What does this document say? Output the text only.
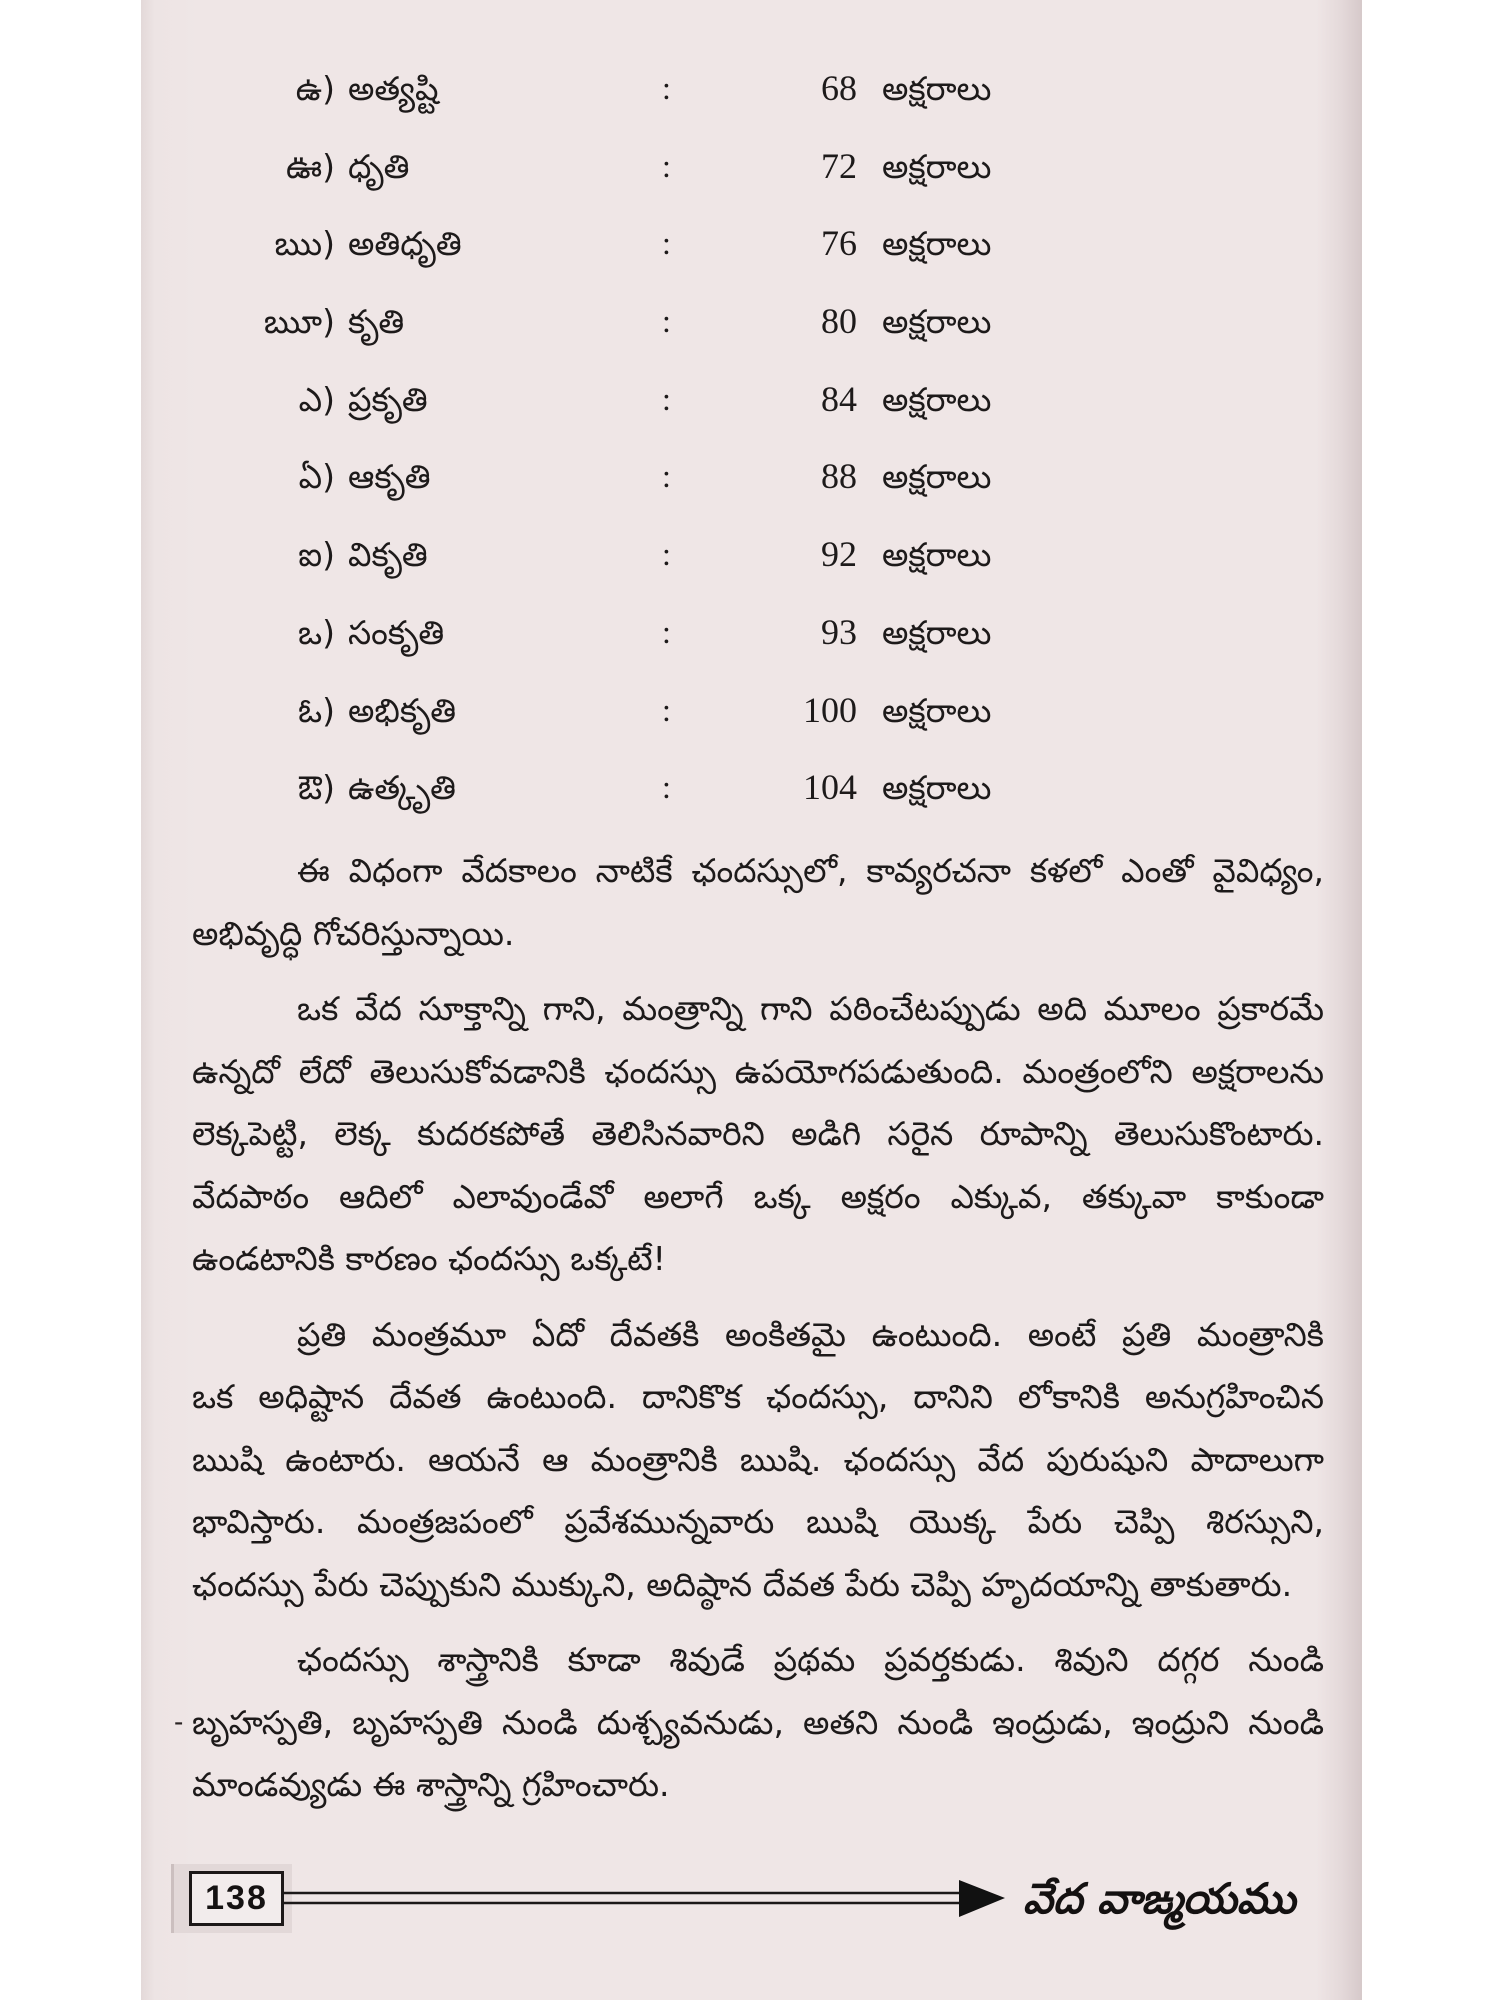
ఉ) అత్యష్టి	:	68 అక్షరాలు
ఊ) ధృతి	:	72 అక్షరాలు
ఋ) అతిధృతి	:	76 అక్షరాలు
ౠ) కృతి	:	80 అక్షరాలు
ఎ) ప్రకృతి	:	84 అక్షరాలు
ఏ) ఆకృతి	:	88 అక్షరాలు
ఐ) వికృతి	:	92 అక్షరాలు
ఒ) సంకృతి	:	93 అక్షరాలు
ఓ) అభికృతి	:	100 అక్షరాలు
ఔ) ఉత్కృతి	:	104 అక్షరాలు
ఈ విధంగా వేదకాలం నాటికే ఛందస్సులో, కావ్యరచనా కళలో ఎంతో వైవిధ్యం,
అభివృద్ధి గోచరిస్తున్నాయి.
ఒక వేద సూక్తాన్ని గాని, మంత్రాన్ని గాని పఠించేటప్పుడు అది మూలం ప్రకారమే
ఉన్నదో లేదో తెలుసుకోవడానికి ఛందస్సు ఉపయోగపడుతుంది. మంత్రంలోని అక్షరాలను
లెక్కపెట్టి, లెక్క కుదరకపోతే తెలిసినవారిని అడిగి సరైన రూపాన్ని తెలుసుకొంటారు.
వేదపాఠం ఆదిలో ఎలావుండేవో అలాగే ఒక్క అక్షరం ఎక్కువ, తక్కువా కాకుండా
ఉండటానికి కారణం ఛందస్సు ఒక్కటే!
ప్రతి మంత్రమూ ఏదో దేవతకి అంకితమై ఉంటుంది. అంటే ప్రతి మంత్రానికి
ఒక అధిష్టాన దేవత ఉంటుంది. దానికొక ఛందస్సు, దానిని లోకానికి అనుగ్రహించిన
ఋషి ఉంటారు. ఆయనే ఆ మంత్రానికి ఋషి. ఛందస్సు వేద పురుషుని పాదాలుగా
భావిస్తారు. మంత్రజపంలో ప్రవేశమున్నవారు ఋషి యొక్క పేరు చెప్పి శిరస్సుని,
ఛందస్సు పేరు చెప్పుకుని ముక్కుని, అదిష్ఠాన దేవత పేరు చెప్పి హృదయాన్ని తాకుతారు.
ఛందస్సు శాస్త్రానికి కూడా శివుడే ప్రథమ ప్రవర్తకుడు. శివుని దగ్గర నుండి
బృహస్పతి, బృహస్పతి నుండి దుశ్చ్యవనుడు, అతని నుండి ఇంద్రుడు, ఇంద్రుని నుండి
మాండవ్యుడు ఈ శాస్త్రాన్ని గ్రహించారు.
-
138	వేద వాఙ్మయము
